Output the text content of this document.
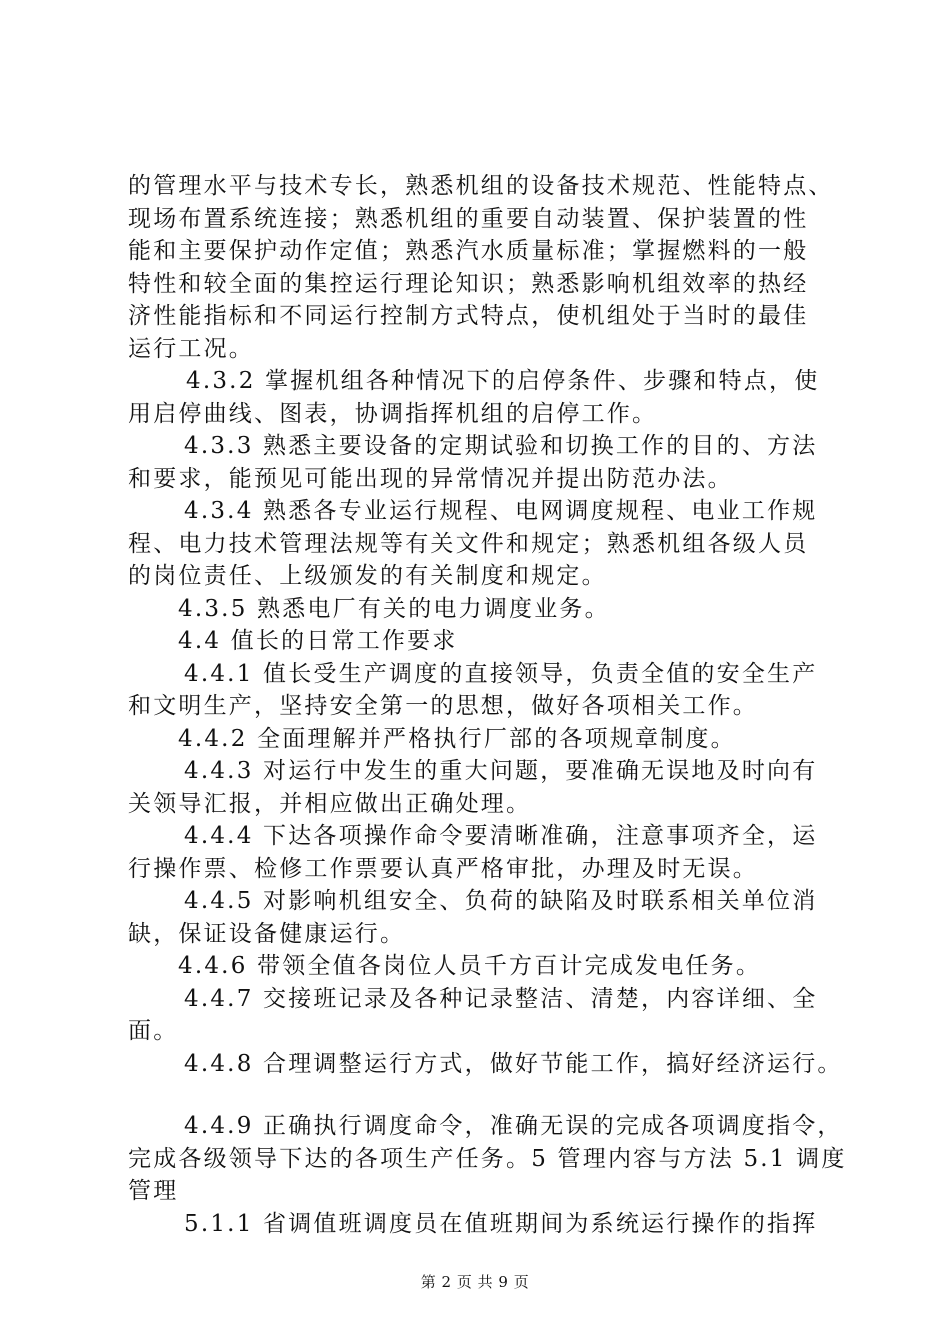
的管理水平与技术专长，熟悉机组的设备技术规范、性能特点、
现场布置系统连接；熟悉机组的重要自动装置、保护装置的性
能和主要保护动作定值；熟悉汽水质量标准；掌握燃料的一般
特性和较全面的集控运行理论知识；熟悉影响机组效率的热经
济性能指标和不同运行控制方式特点，使机组处于当时的最佳
运行工况。
4.3.2 掌握机组各种情况下的启停条件、步骤和特点，使
用启停曲线、图表，协调指挥机组的启停工作。
4.3.3 熟悉主要设备的定期试验和切换工作的目的、方法
和要求，能预见可能出现的异常情况并提出防范办法。
4.3.4 熟悉各专业运行规程、电网调度规程、电业工作规
程、电力技术管理法规等有关文件和规定；熟悉机组各级人员
的岗位责任、上级颁发的有关制度和规定。
4.3.5 熟悉电厂有关的电力调度业务。
4.4 值长的日常工作要求
4.4.1 值长受生产调度的直接领导，负责全值的安全生产
和文明生产，坚持安全第一的思想，做好各项相关工作。
4.4.2 全面理解并严格执行厂部的各项规章制度。
4.4.3 对运行中发生的重大问题，要准确无误地及时向有
关领导汇报，并相应做出正确处理。
4.4.4 下达各项操作命令要清晰准确，注意事项齐全，运
行操作票、检修工作票要认真严格审批，办理及时无误。
4.4.5 对影响机组安全、负荷的缺陷及时联系相关单位消
缺，保证设备健康运行。
4.4.6 带领全值各岗位人员千方百计完成发电任务。
4.4.7 交接班记录及各种记录整洁、清楚，内容详细、全
面。
4.4.8 合理调整运行方式，做好节能工作，搞好经济运行。
4.4.9 正确执行调度命令，准确无误的完成各项调度指令，
完成各级领导下达的各项生产任务。5 管理内容与方法 5.1 调度
管理
5.1.1 省调值班调度员在值班期间为系统运行操作的指挥
第 2 页 共 9 页
